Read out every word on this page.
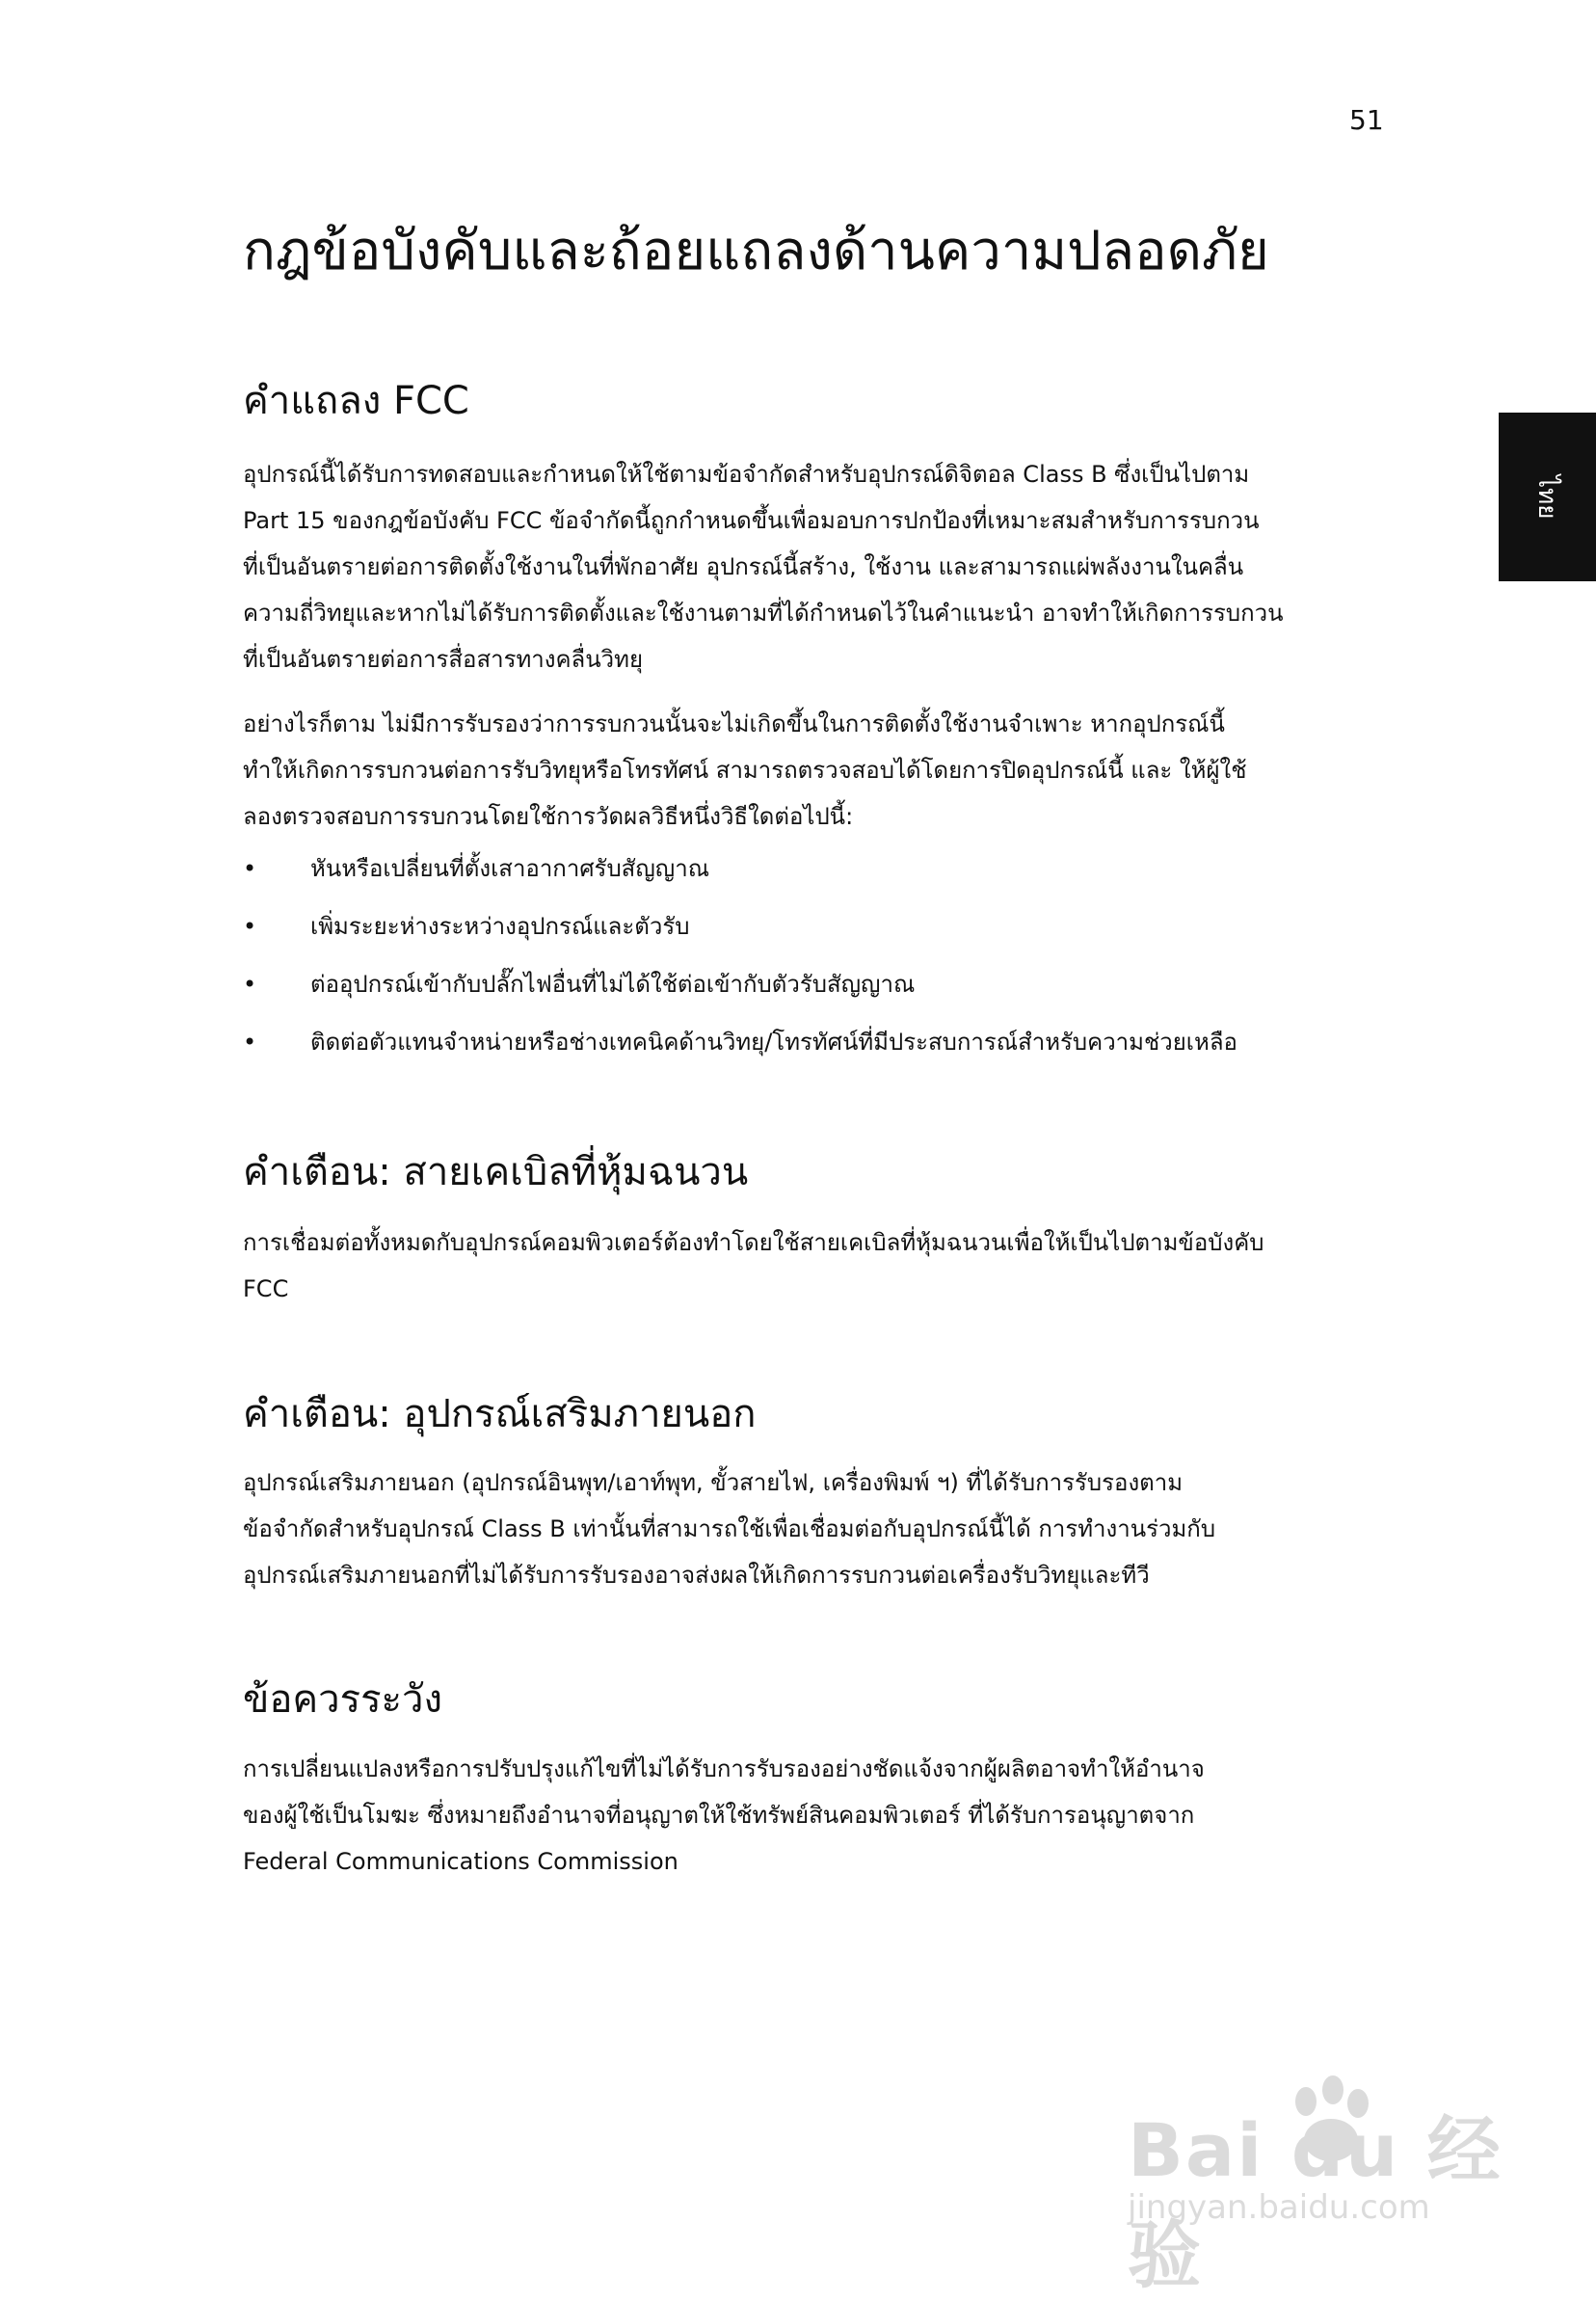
51
ไทย
กฎข้อบังคับและถ้อยแถลงด้านความปลอดภัย
คำแถลง FCC
อุปกรณ์นี้ได้รับการทดสอบและกำหนดให้ใช้ตามข้อจำกัดสำหรับอุปกรณ์ดิจิตอล Class B ซึ่งเป็นไปตาม
Part 15 ของกฎข้อบังคับ FCC ข้อจำกัดนี้ถูกกำหนดขึ้นเพื่อมอบการปกป้องที่เหมาะสมสำหรับการรบกวน
ที่เป็นอันตรายต่อการติดตั้งใช้งานในที่พักอาศัย อุปกรณ์นี้สร้าง, ใช้งาน และสามารถแผ่พลังงานในคลื่น
ความถี่วิทยุและหากไม่ได้รับการติดตั้งและใช้งานตามที่ได้กำหนดไว้ในคำแนะนำ อาจทำให้เกิดการรบกวน
ที่เป็นอันตรายต่อการสื่อสารทางคลื่นวิทยุ
อย่างไรก็ตาม ไม่มีการรับรองว่าการรบกวนนั้นจะไม่เกิดขึ้นในการติดตั้งใช้งานจำเพาะ หากอุปกรณ์นี้
ทำให้เกิดการรบกวนต่อการรับวิทยุหรือโทรทัศน์ สามารถตรวจสอบได้โดยการปิดอุปกรณ์นี้ และ ให้ผู้ใช้
ลองตรวจสอบการรบกวนโดยใช้การวัดผลวิธีหนึ่งวิธีใดต่อไปนี้:
• หันหรือเปลี่ยนที่ตั้งเสาอากาศรับสัญญาณ
• เพิ่มระยะห่างระหว่างอุปกรณ์และตัวรับ
• ต่ออุปกรณ์เข้ากับปลั๊กไฟอื่นที่ไม่ได้ใช้ต่อเข้ากับตัวรับสัญญาณ
• ติดต่อตัวแทนจำหน่ายหรือช่างเทคนิคด้านวิทยุ/โทรทัศน์ที่มีประสบการณ์สำหรับความช่วยเหลือ
คำเตือน: สายเคเบิลที่หุ้มฉนวน
การเชื่อมต่อทั้งหมดกับอุปกรณ์คอมพิวเตอร์ต้องทำโดยใช้สายเคเบิลที่หุ้มฉนวนเพื่อให้เป็นไปตามข้อบังคับ
FCC
คำเตือน: อุปกรณ์เสริมภายนอก
อุปกรณ์เสริมภายนอก (อุปกรณ์อินพุท/เอาท์พุท, ขั้วสายไฟ, เครื่องพิมพ์ ฯ) ที่ได้รับการรับรองตาม
ข้อจำกัดสำหรับอุปกรณ์ Class B เท่านั้นที่สามารถใช้เพื่อเชื่อมต่อกับอุปกรณ์นี้ได้ การทำงานร่วมกับ
อุปกรณ์เสริมภายนอกที่ไม่ได้รับการรับรองอาจส่งผลให้เกิดการรบกวนต่อเครื่องรับวิทยุและทีวี
ข้อควรระวัง
การเปลี่ยนแปลงหรือการปรับปรุงแก้ไขที่ไม่ได้รับการรับรองอย่างชัดแจ้งจากผู้ผลิตอาจทำให้อำนาจ
ของผู้ใช้เป็นโมฆะ ซึ่งหมายถึงอำนาจที่อนุญาตให้ใช้ทรัพย์สินคอมพิวเตอร์ ที่ได้รับการอนุญาตจาก
Federal Communications Commission
Bai du 经验
jingyan.baidu.com
